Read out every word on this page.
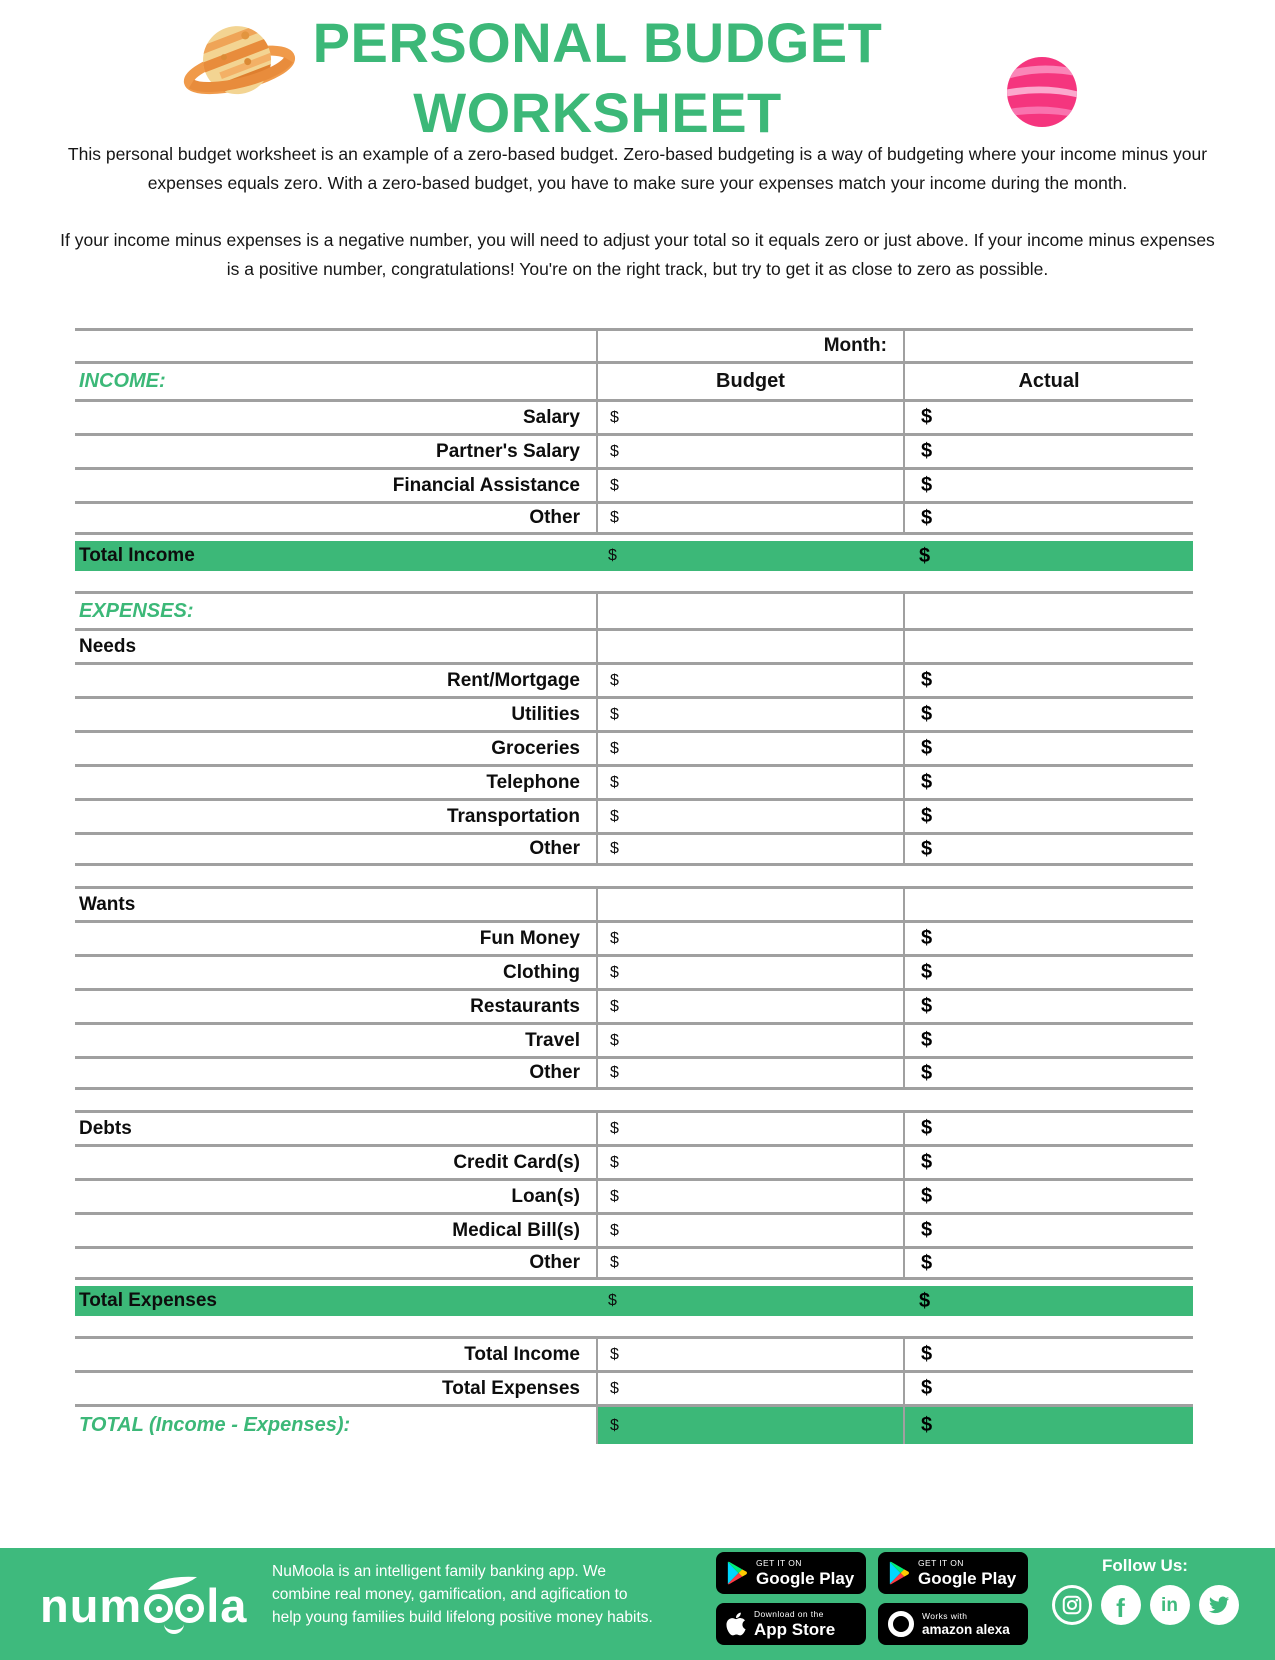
PERSONAL BUDGET
WORKSHEET
This personal budget worksheet is an example of a zero-based budget. Zero-based budgeting is a way of budgeting where your income minus your expenses equals zero. With a zero-based budget, you have to make sure your expenses match your income during the month.
If your income minus expenses is a negative number, you will need to adjust your total so it equals zero or just above. If your income minus expenses is a positive number, congratulations! You're on the right track, but try to get it as close to zero as possible.
Month:
INCOME:	Budget	Actual
Salary	$	$
Partner's Salary	$	$
Financial Assistance	$	$
Other	$	$
Total Income	$	$
EXPENSES:
Needs
Rent/Mortgage	$	$
Utilities	$	$
Groceries	$	$
Telephone	$	$
Transportation	$	$
Other	$	$
Wants
Fun Money	$	$
Clothing	$	$
Restaurants	$	$
Travel	$	$
Other	$	$
Debts	$	$
Credit Card(s)	$	$
Loan(s)	$	$
Medical Bill(s)	$	$
Other	$	$
Total Expenses	$	$
Total Income	$	$
Total Expenses	$	$
TOTAL (Income - Expenses):	$	$
num la
NuMoola is an intelligent family banking app. We combine real money, gamification, and agification to help young families build lifelong positive money habits.
GET IT ON
Google Play
GET IT ON
Google Play
Download on the
App Store
Works with
amazon alexa
Follow Us:
f in
